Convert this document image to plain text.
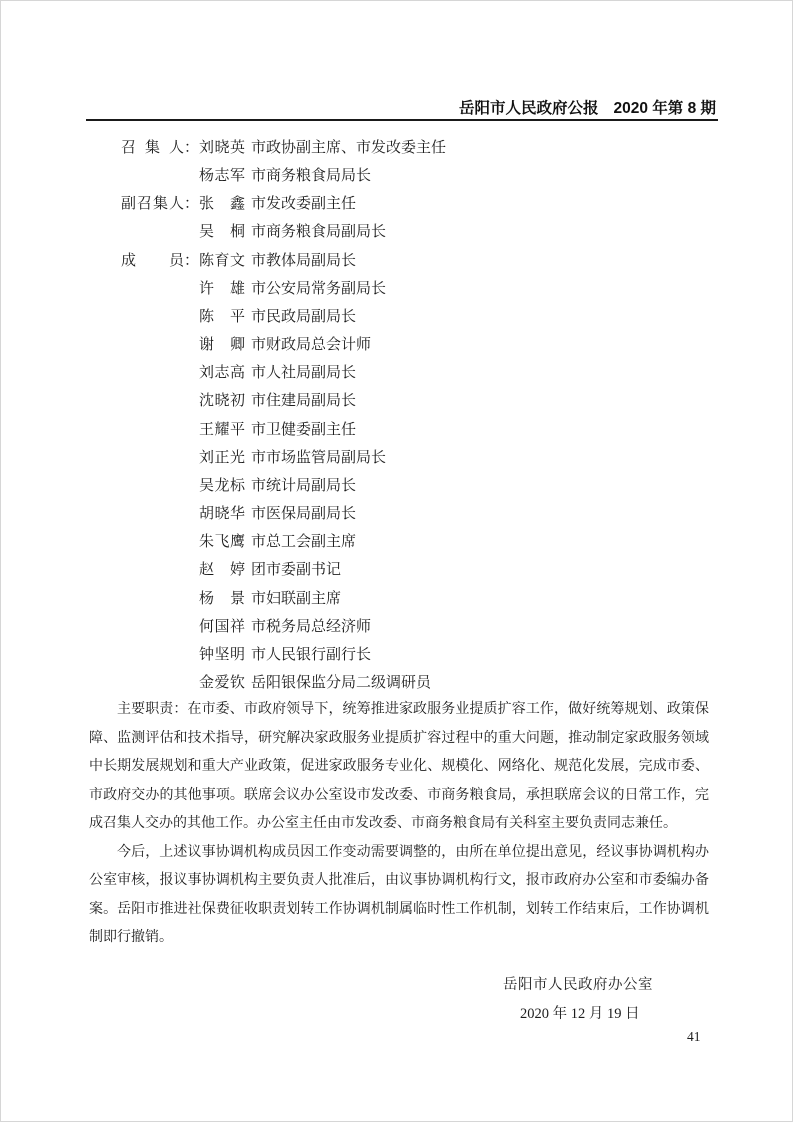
岳阳市人民政府公报 2020 年第 8 期
召集人：刘晓英 市政协副主席、市发改委主任
杨志军 市商务粮食局局长
副召集人：张鑫 市发改委副主任
吴桐 市商务粮食局副局长
成员：陈育文 市教体局副局长
许雄 市公安局常务副局长
陈平 市民政局副局长
谢卿 市财政局总会计师
刘志高 市人社局副局长
沈晓初 市住建局副局长
王耀平 市卫健委副主任
刘正光 市市场监管局副局长
吴龙标 市统计局副局长
胡晓华 市医保局副局长
朱飞鹰 市总工会副主席
赵婷 团市委副书记
杨景 市妇联副主席
何国祥 市税务局总经济师
钟坚明 市人民银行副行长
金爱钦 岳阳银保监分局二级调研员

主要职责：在市委、市政府领导下，统筹推进家政服务业提质扩容工作，做好统筹规划、政策保障、监测评估和技术指导，研究解决家政服务业提质扩容过程中的重大问题，推动制定家政服务领域中长期发展规划和重大产业政策，促进家政服务专业化、规模化、网络化、规范化发展，完成市委、市政府交办的其他事项。联席会议办公室设市发改委、市商务粮食局，承担联席会议的日常工作，完成召集人交办的其他工作。办公室主任由市发改委、市商务粮食局有关科室主要负责同志兼任。

今后，上述议事协调机构成员因工作变动需要调整的，由所在单位提出意见，经议事协调机构办公室审核，报议事协调机构主要负责人批准后，由议事协调机构行文，报市政府办公室和市委编办备案。岳阳市推进社保费征收职责划转工作协调机制属临时性工作机制，划转工作结束后，工作协调机制即行撤销。

岳阳市人民政府办公室
2020 年 12 月 19 日
41
